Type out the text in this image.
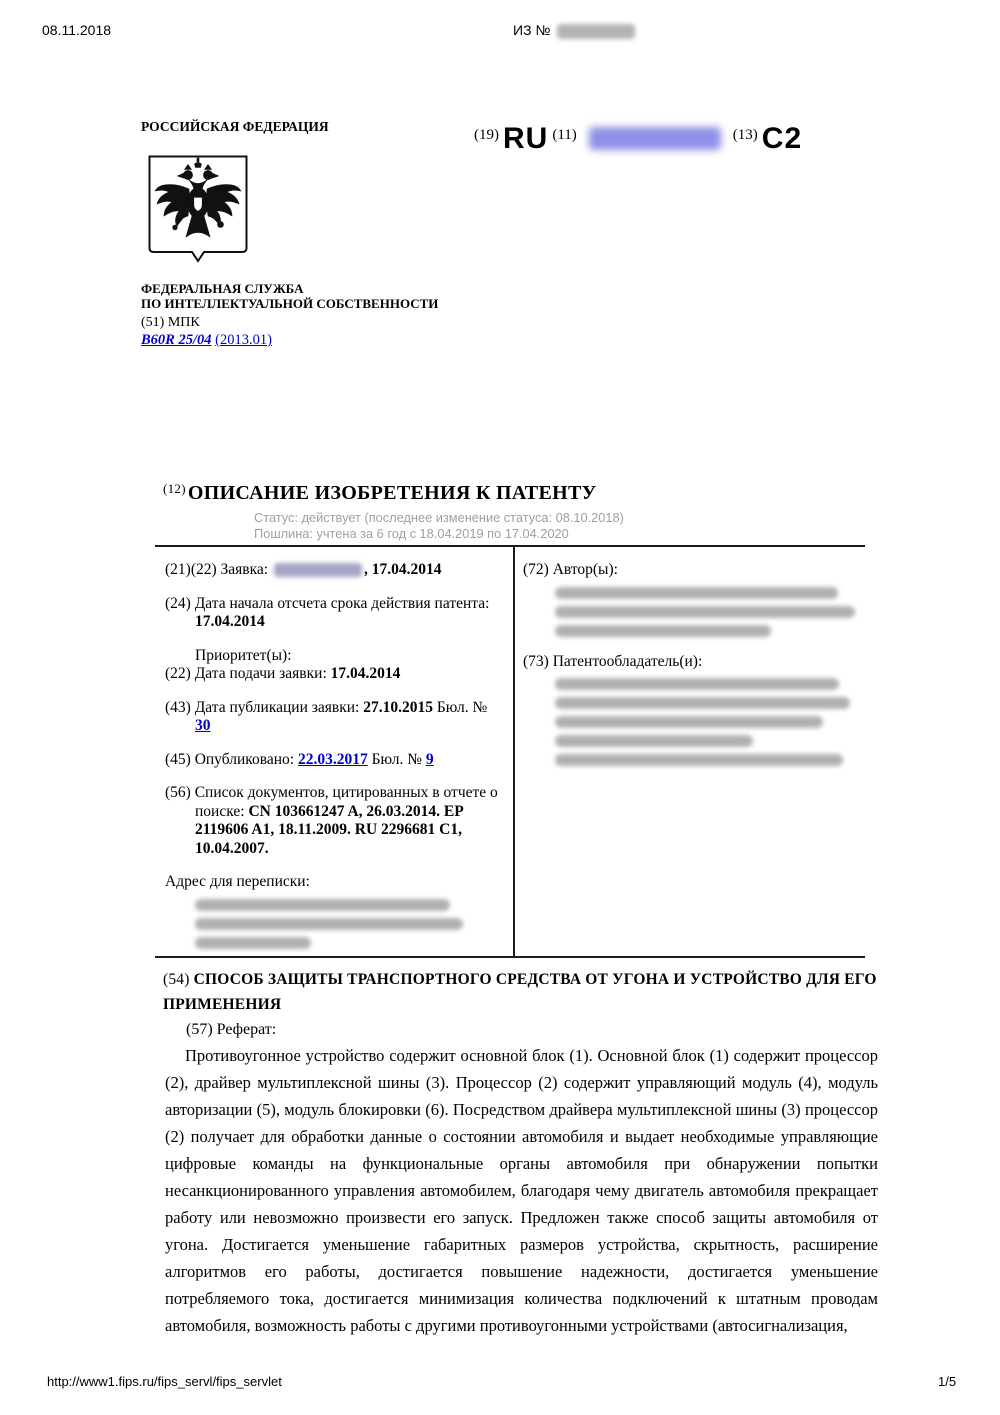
08.11.2018	ИЗ №
РОССИЙСКАЯ ФЕДЕРАЦИЯ
(19) RU (11)	(13) C2
ФЕДЕРАЛЬНАЯ СЛУЖБА
ПО ИНТЕЛЛЕКТУАЛЬНОЙ СОБСТВЕННОСТИ
(51) МПК
B60R 25/04 (2013.01)
$^{(12)}$ ОПИСАНИЕ ИЗОБРЕТЕНИЯ К ПАТЕНТУ
Статус: действует (последнее изменение статуса: 08.10.2018)
Пошлина: учтена за 6 год с 18.04.2019 по 17.04.2020
(21)(22) Заявка:	, 17.04.2014
(24) Дата начала отсчета срока действия патента: 17.04.2014
Приоритет(ы):
(22) Дата подачи заявки: 17.04.2014
(43) Дата публикации заявки: 27.10.2015 Бюл. № 30
(45) Опубликовано: 22.03.2017 Бюл. № 9
(56) Список документов, цитированных в отчете о поиске: CN 103661247 A, 26.03.2014. EP 2119606 A1, 18.11.2009. RU 2296681 C1, 10.04.2007.
Адрес для переписки:
(72) Автор(ы):
(73) Патентообладатель(и):
(54) СПОСОБ ЗАЩИТЫ ТРАНСПОРТНОГО СРЕДСТВА ОТ УГОНА И УСТРОЙСТВО ДЛЯ ЕГО ПРИМЕНЕНИЯ
(57) Реферат:
Противоугонное устройство содержит основной блок (1). Основной блок (1) содержит процессор (2), драйвер мультиплексной шины (3). Процессор (2) содержит управляющий модуль (4), модуль авторизации (5), модуль блокировки (6). Посредством драйвера мультиплексной шины (3) процессор (2) получает для обработки данные о состоянии автомобиля и выдает необходимые управляющие цифровые команды на функциональные органы автомобиля при обнаружении попытки несанкционированного управления автомобилем, благодаря чему двигатель автомобиля прекращает работу или невозможно произвести его запуск. Предложен также способ защиты автомобиля от угона. Достигается уменьшение габаритных размеров устройства, скрытность, расширение алгоритмов его работы, достигается повышение надежности, достигается уменьшение потребляемого тока, достигается минимизация количества подключений к штатным проводам автомобиля, возможность работы с другими противоугонными устройствами (автосигнализация,
http://www1.fips.ru/fips_servl/fips_servlet	1/5
